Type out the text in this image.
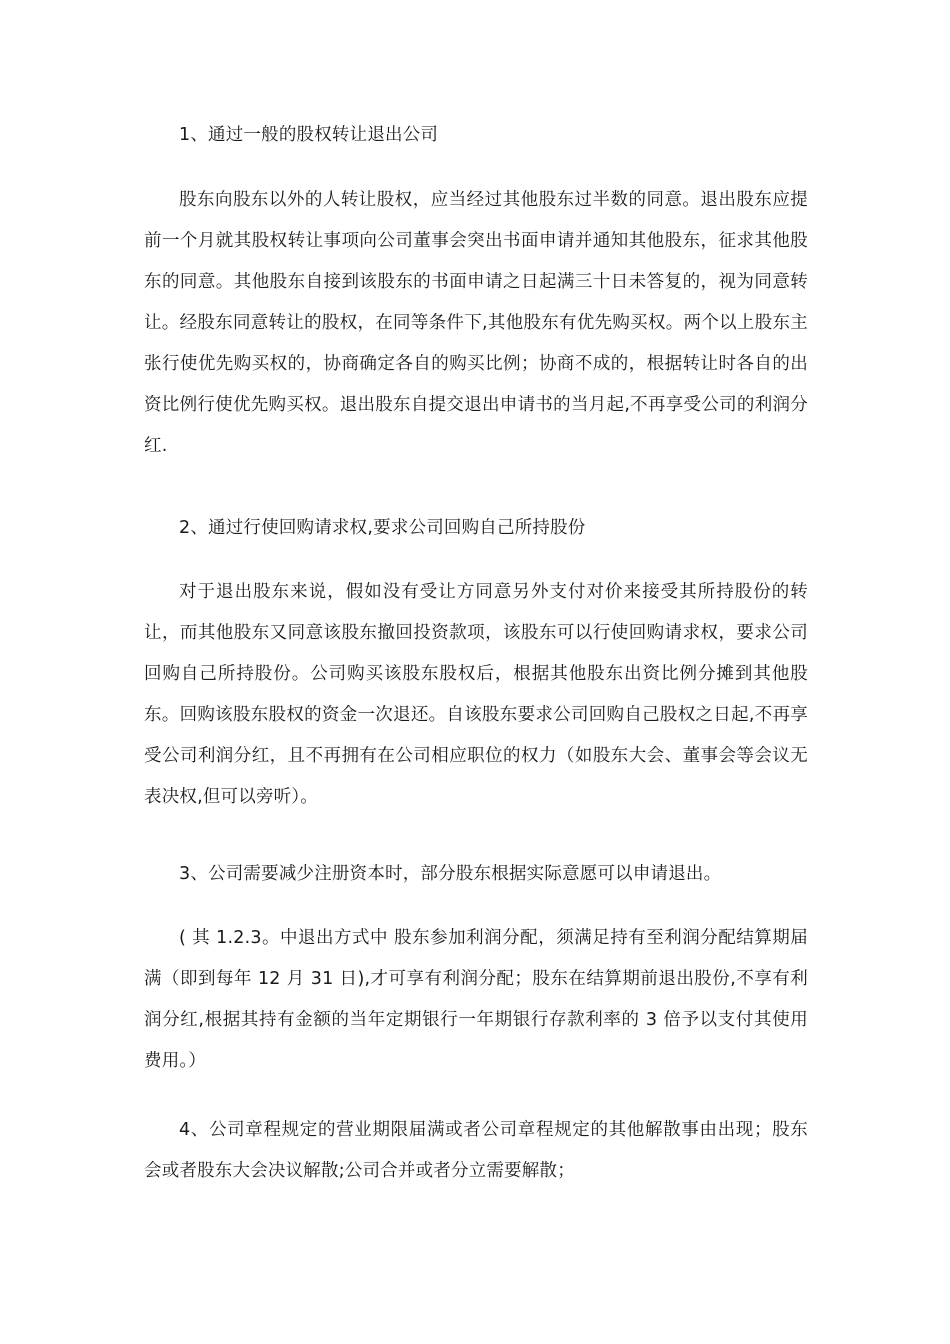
1、通过一般的股权转让退出公司

股东向股东以外的人转让股权，应当经过其他股东过半数的同意。退出股东应提前一个月就其股权转让事项向公司董事会突出书面申请并通知其他股东，征求其他股东的同意。其他股东自接到该股东的书面申请之日起满三十日未答复的，视为同意转让。经股东同意转让的股权，在同等条件下,其他股东有优先购买权。两个以上股东主张行使优先购买权的，协商确定各自的购买比例；协商不成的，根据转让时各自的出资比例行使优先购买权。退出股东自提交退出申请书的当月起,不再享受公司的利润分红.

2、通过行使回购请求权,要求公司回购自己所持股份

对于退出股东来说，假如没有受让方同意另外支付对价来接受其所持股份的转让，而其他股东又同意该股东撤回投资款项，该股东可以行使回购请求权，要求公司回购自己所持股份。公司购买该股东股权后，根据其他股东出资比例分摊到其他股东。回购该股东股权的资金一次退还。自该股东要求公司回购自己股权之日起,不再享受公司利润分红，且不再拥有在公司相应职位的权力（如股东大会、董事会等会议无表决权,但可以旁听）。

3、公司需要减少注册资本时，部分股东根据实际意愿可以申请退出。

( 其 1.2.3。中退出方式中 股东参加利润分配，须满足持有至利润分配结算期届满（即到每年 12 月 31 日),才可享有利润分配；股东在结算期前退出股份,不享有利润分红,根据其持有金额的当年定期银行一年期银行存款利率的 3 倍予以支付其使用费用。）

4、公司章程规定的营业期限届满或者公司章程规定的其他解散事由出现；股东会或者股东大会决议解散;公司合并或者分立需要解散；
